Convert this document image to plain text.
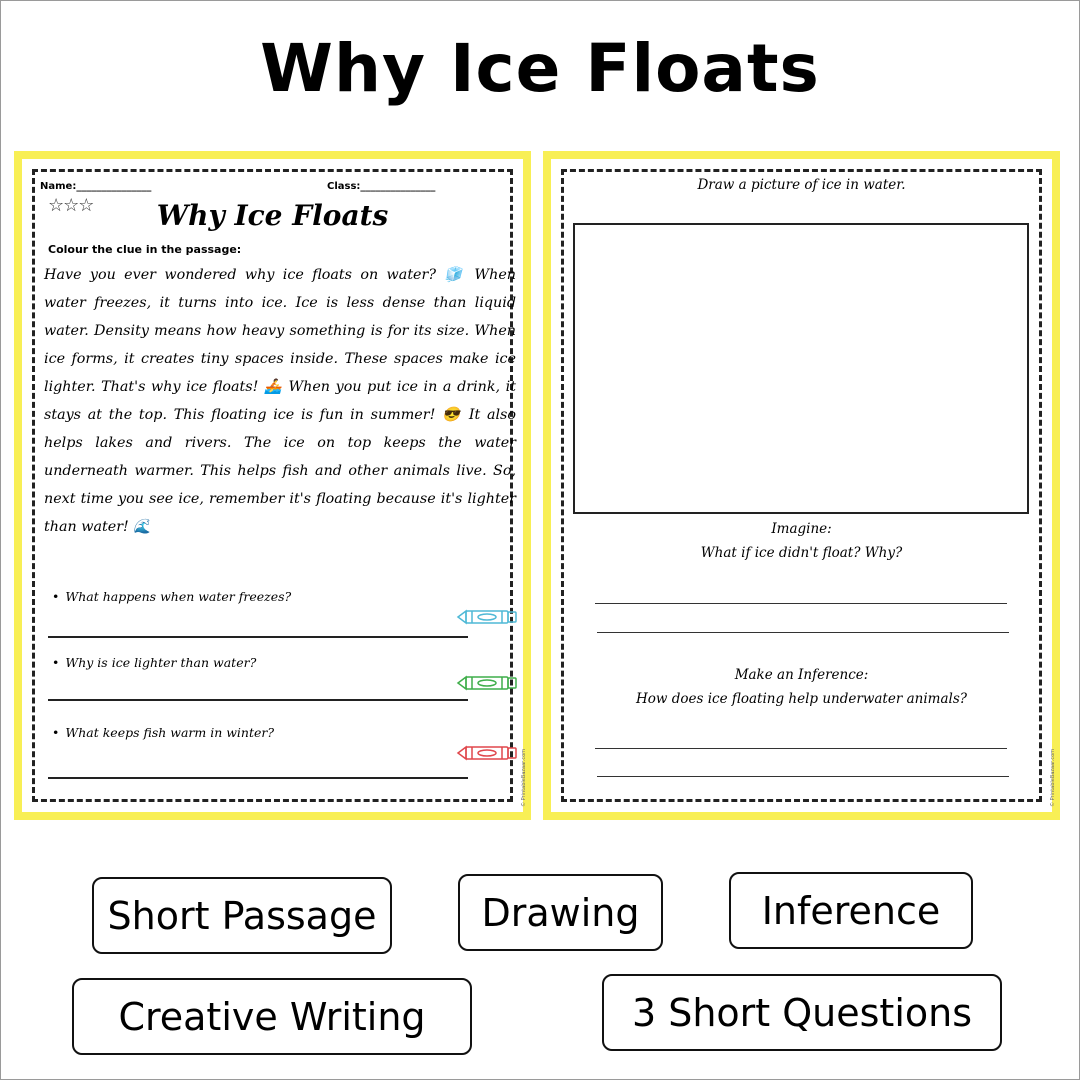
Why Ice Floats
Name:_______________	Class:_______________
☆☆☆	Why Ice Floats
Colour the clue in the passage:

Have you ever wondered why ice floats on water? 🧊 When water freezes, it turns into ice. Ice is less dense than liquid water. Density means how heavy something is for its size. When ice forms, it creates tiny spaces inside. These spaces make ice lighter. That's why ice floats! 🚣 When you put ice in a drink, it stays at the top. This floating ice is fun in summer! 😎 It also helps lakes and rivers. The ice on top keeps the water underneath warmer. This helps fish and other animals live. So, next time you see ice, remember it's floating because it's lighter than water! 🌊

• What happens when water freezes?
• Why is ice lighter than water?
• What keeps fish warm in winter?
© PrintableBazaar.com
Draw a picture of ice in water.
Imagine:
What if ice didn't float? Why?
Make an Inference:
How does ice floating help underwater animals?
© PrintableBazaar.com
Short Passage	Drawing	Inference
Creative Writing	3 Short Questions
